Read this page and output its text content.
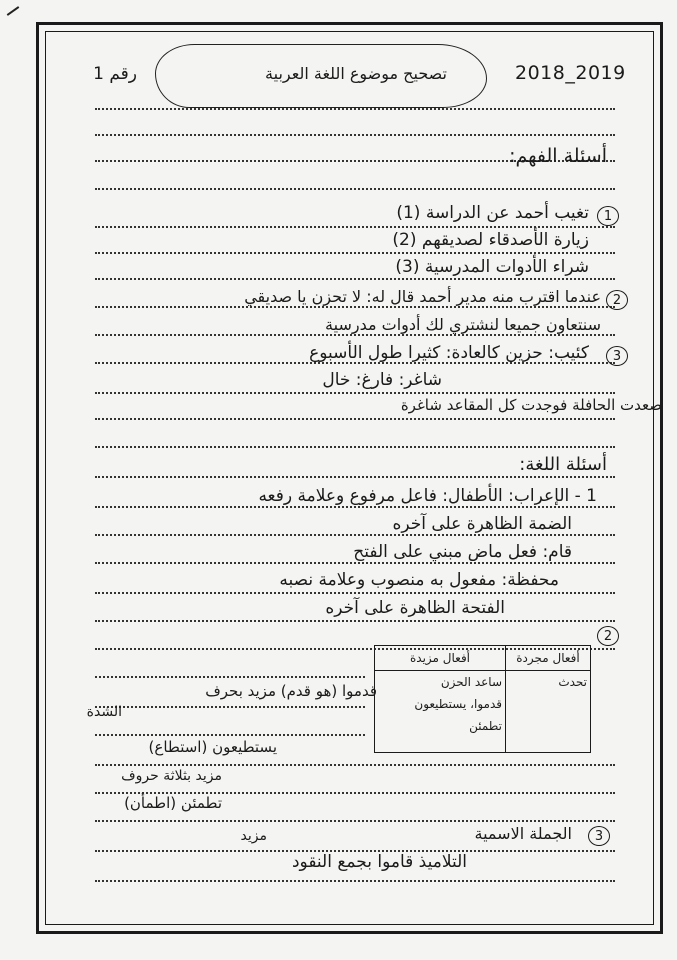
2018_2019
تصحيح موضوع اللغة العربية
رقم 1
أسئلة الفهم:
1
تغيب أحمد عن الدراسة (1)
زيارة الأصدقاء لصديقهم (2)
شراء الأدوات المدرسية (3)
2
عندما اقترب منه مدير أحمد قال له: لا تحزن يا صديقي
سنتعاون جميعا لنشتري لك أدوات مدرسية
3
كئيب: حزين كالعادة: كثيرا طول الأسبوع
شاغر: فارغ: خال
صعدت الحافلة فوجدت كل المقاعد شاغرة
أسئلة اللغة:
1 - الإعراب: الأطفال: فاعل مرفوع وعلامة رفعه
الضمة الظاهرة على آخره
قام: فعل ماض مبني على الفتح
محفظة: مفعول به منصوب وعلامة نصبه
الفتحة الظاهرة على آخره
2
أفعال مجردة	أفعال مزيدة

تحدث	ساعد الحزن
قدموا، يستطيعون
تطمئن
قدموا (هو قدم) مزيد بحرف
الشدة
يستطيعون (استطاع)
مزيد بثلاثة حروف
تطمئن (اطمأن)
3
الجملة الاسمية
مزيد
التلاميذ قاموا بجمع النقود
